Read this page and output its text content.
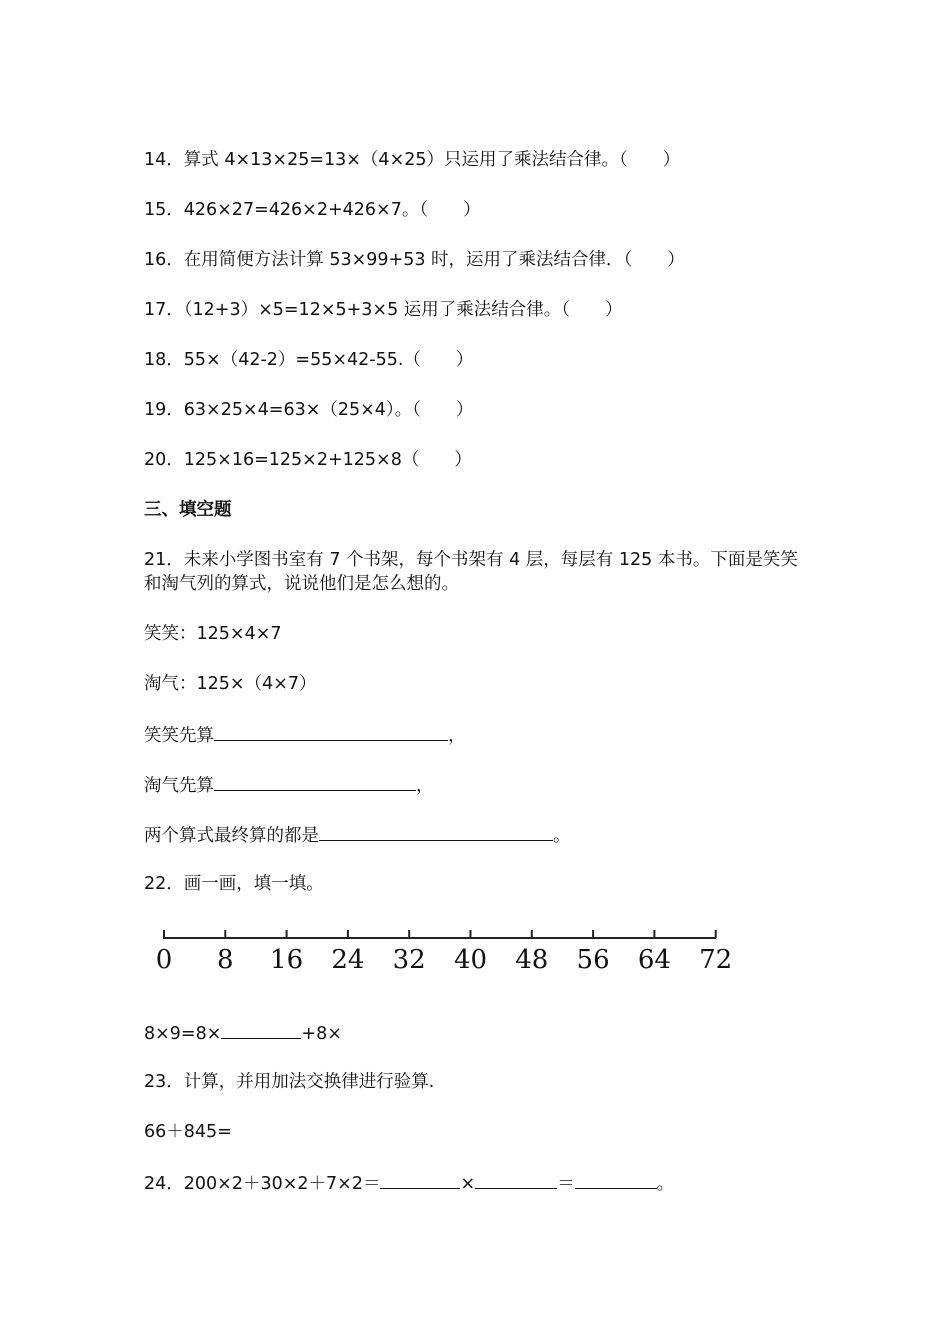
14．算式 4×13×25=13×（4×25）只运用了乘法结合律。（　　）
15．426×27=426×2+426×7。（　　）
16．在用简便方法计算 53×99+53 时，运用了乘法结合律．（　　）
17．（12+3）×5=12×5+3×5 运用了乘法结合律。（　　）
18．55×（42-2）=55×42-55.（　　）
19．63×25×4=63×（25×4）。（　　）
20．125×16=125×2+125×8（　　）
三、填空题
21．未来小学图书室有 7 个书架，每个书架有 4 层，每层有 125 本书。下面是笑笑和淘气列的算式，说说他们是怎么想的。
笑笑：125×4×7
淘气：125×（4×7）
笑笑先算	，
淘气先算	，
两个算式最终算的都是	。
22．画一画，填一填。
0 8 16 24 32 40 48 56 64 72
8×9=8×	+8×
23．计算，并用加法交换律进行验算.
66＋845=
24．200×2＋30×2＋7×2＝	×	＝	。
